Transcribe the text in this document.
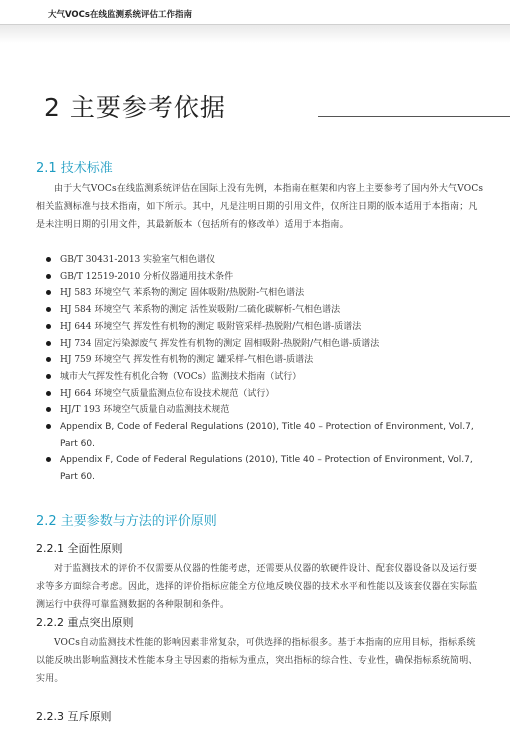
大气VOCs在线监测系统评估工作指南
2 主要参考依据
2.1 技术标准

由于大气VOCs在线监测系统评估在国际上没有先例，本指南在框架和内容上主要参考了国内外大气VOCs相关监测标准与技术指南，如下所示。其中，凡是注明日期的引用文件，仅所注日期的版本适用于本指南；凡是未注明日期的引用文件，其最新版本（包括所有的修改单）适用于本指南。

GB/T 30431-2013 实验室气相色谱仪
GB/T 12519-2010 分析仪器通用技术条件
HJ 583 环境空气 苯系物的测定 固体吸附/热脱附-气相色谱法
HJ 584 环境空气 苯系物的测定 活性炭吸附/二硫化碳解析-气相色谱法
HJ 644 环境空气 挥发性有机物的测定 吸附管采样-热脱附/气相色谱-质谱法
HJ 734 固定污染源废气 挥发性有机物的测定 固相吸附-热脱附/气相色谱-质谱法
HJ 759 环境空气 挥发性有机物的测定 罐采样-气相色谱-质谱法
城市大气挥发性有机化合物（VOCs）监测技术指南（试行）
HJ 664 环境空气质量监测点位布设技术规范（试行）
HJ/T 193 环境空气质量自动监测技术规范
Appendix B, Code of Federal Regulations (2010), Title 40 – Protection of Environment, Vol.7, Part 60.
Appendix F, Code of Federal Regulations (2010), Title 40 – Protection of Environment, Vol.7, Part 60.
2.2 主要参数与方法的评价原则
2.2.1 全面性原则

对于监测技术的评价不仅需要从仪器的性能考虑，还需要从仪器的软硬件设计、配套仪器设备以及运行要求等多方面综合考虑。因此，选择的评价指标应能全方位地反映仪器的技术水平和性能以及该套仪器在实际监测运行中获得可靠监测数据的各种限制和条件。

2.2.2 重点突出原则

VOCs自动监测技术性能的影响因素非常复杂，可供选择的指标很多。基于本指南的应用目标，指标系统以能反映出影响监测技术性能本身主导因素的指标为重点，突出指标的综合性、专业性，确保指标系统简明、实用。

2.2.3 互斥原则
